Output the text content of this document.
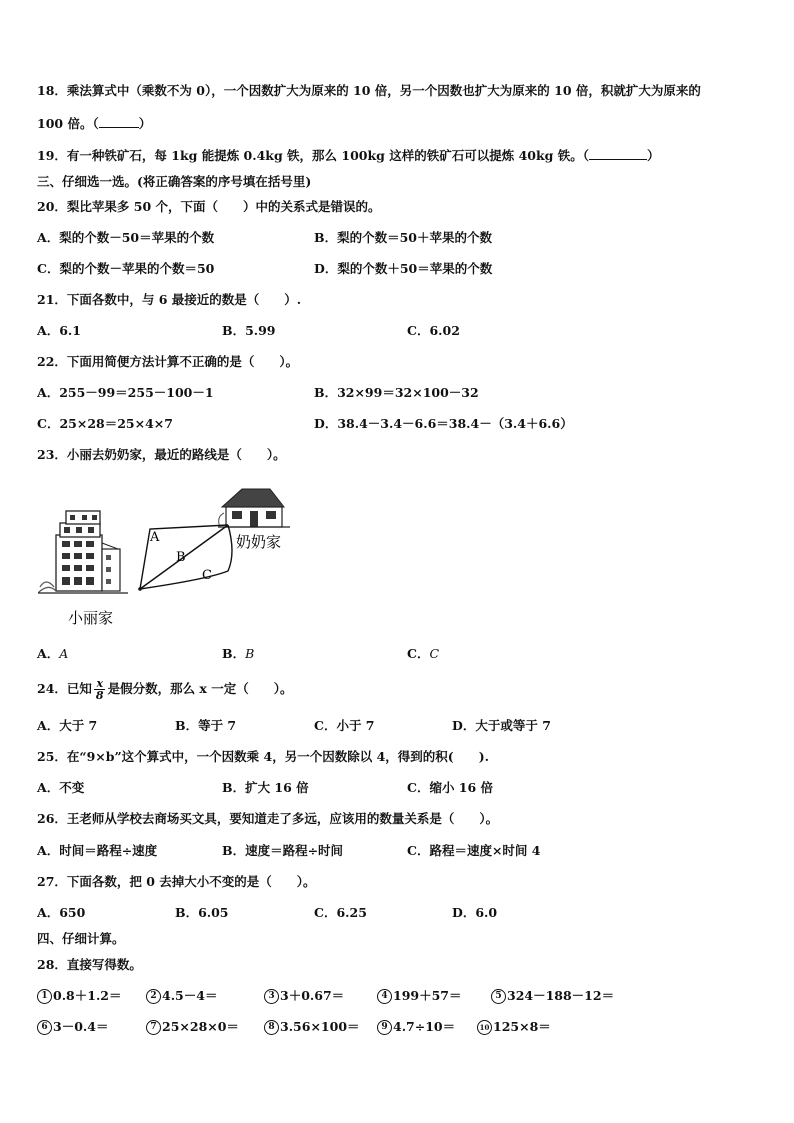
18．乘法算式中（乘数不为 0），一个因数扩大为原来的 10 倍，另一个因数也扩大为原来的 10 倍，积就扩大为原来的
100 倍。（	）
19．有一种铁矿石，每 1kg 能提炼 0.4kg 铁，那么 100kg 这样的铁矿石可以提炼 40kg 铁。（	）
三、仔细选一选。(将正确答案的序号填在括号里)
20．梨比苹果多 50 个，下面（　　）中的关系式是错误的。
A．梨的个数－50＝苹果的个数	B．梨的个数＝50＋苹果的个数
C．梨的个数－苹果的个数＝50	D．梨的个数＋50＝苹果的个数
21．下面各数中，与 6 最接近的数是（　　）.
A．6.1	B．5.99	C．6.02
22．下面用简便方法计算不正确的是（　　）。
A．255－99＝255－100－1	B．32×99＝32×100－32
C．25×28＝25×4×7	D．38.4－3.4－6.6＝38.4－（3.4＋6.6）
23．小丽去奶奶家，最近的路线是（　　）。
A
B
C
奶奶家
小丽家
A．A	B．B	C．C
24．已知 $\frac{x}{8}$ 是假分数，那么 x 一定（　　）。
A．大于 7	B．等于 7	C．小于 7	D．大于或等于 7
25．在“9×b”这个算式中，一个因数乘 4，另一个因数除以 4，得到的积(　　).
A．不变	B．扩大 16 倍	C．缩小 16 倍
26．王老师从学校去商场买文具，要知道走了多远，应该用的数量关系是（　　）。
A．时间＝路程÷速度	B．速度＝路程÷时间	C．路程＝速度×时间 4
27．下面各数，把 0 去掉大小不变的是（　　）。
A．650	B．6.05	C．6.25	D．6.0
四、仔细计算。
28．直接写得数。
1 0.8＋1.2＝	2 4.5－4＝	3 3＋0.67＝	4 199＋57＝	5 324－188－12＝
6 3－0.4＝	7 25×28×0＝	8 3.56×100＝	9 4.7÷10＝	10 125×8＝
